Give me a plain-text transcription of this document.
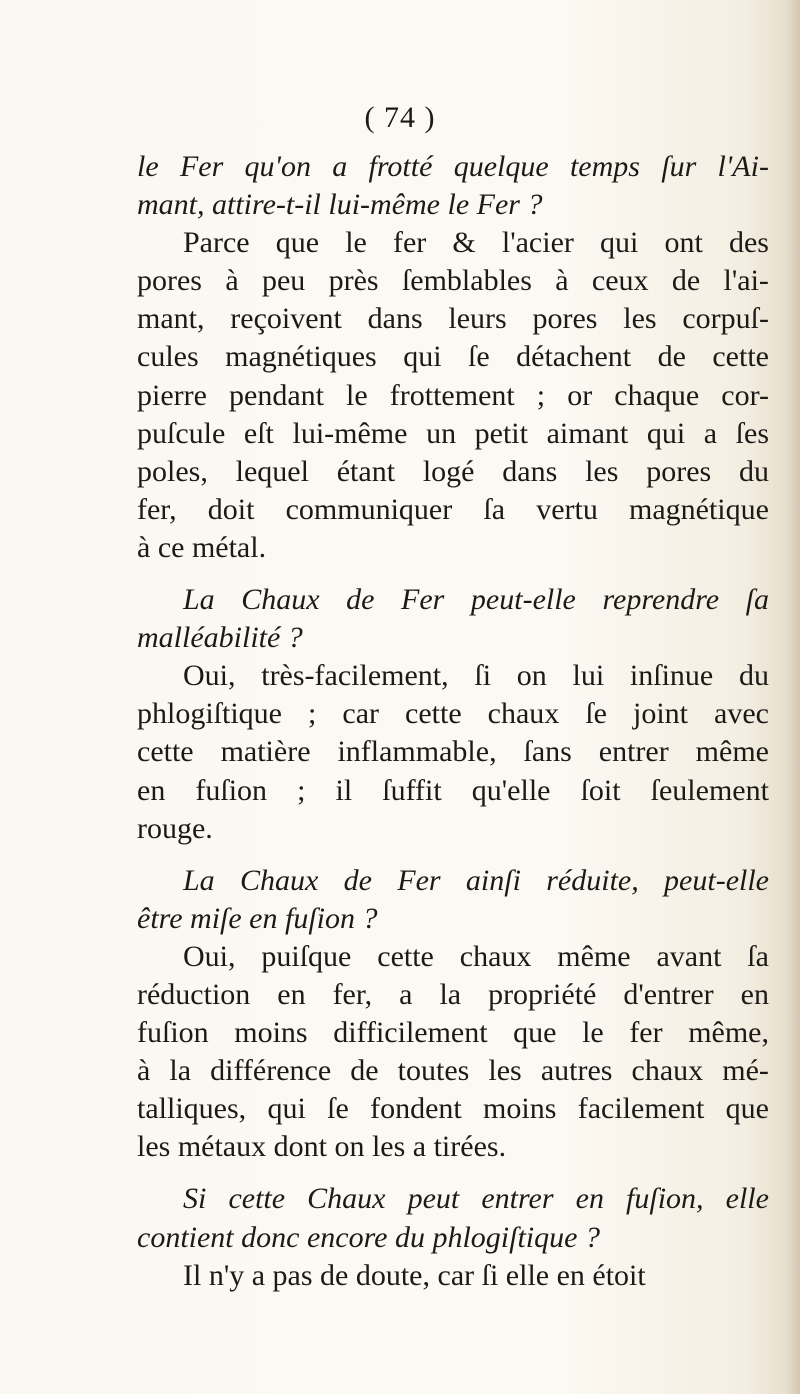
( 74 )
le Fer qu'on a frotté quelque temps ſur l'Ai-
mant, attire-t-il lui-même le Fer ?
Parce que le fer & l'acier qui ont des
pores à peu près ſemblables à ceux de l'ai-
mant, reçoivent dans leurs pores les corpuſ-
cules magnétiques qui ſe détachent de cette
pierre pendant le frottement ; or chaque cor-
puſcule eſt lui-même un petit aimant qui a ſes
poles, lequel étant logé dans les pores du
fer, doit communiquer ſa vertu magnétique
à ce métal.
La Chaux de Fer peut-elle reprendre ſa
malléabilité ?
Oui, très-facilement, ſi on lui inſinue du
phlogiſtique ; car cette chaux ſe joint avec
cette matière inflammable, ſans entrer même
en fuſion ; il ſuffit qu'elle ſoit ſeulement
rouge.
La Chaux de Fer ainſi réduite, peut-elle
être miſe en fuſion ?
Oui, puiſque cette chaux même avant ſa
réduction en fer, a la propriété d'entrer en
fuſion moins difficilement que le fer même,
à la différence de toutes les autres chaux mé-
talliques, qui ſe fondent moins facilement que
les métaux dont on les a tirées.
Si cette Chaux peut entrer en fuſion, elle
contient donc encore du phlogiſtique ?
Il n'y a pas de doute, car ſi elle en étoit
